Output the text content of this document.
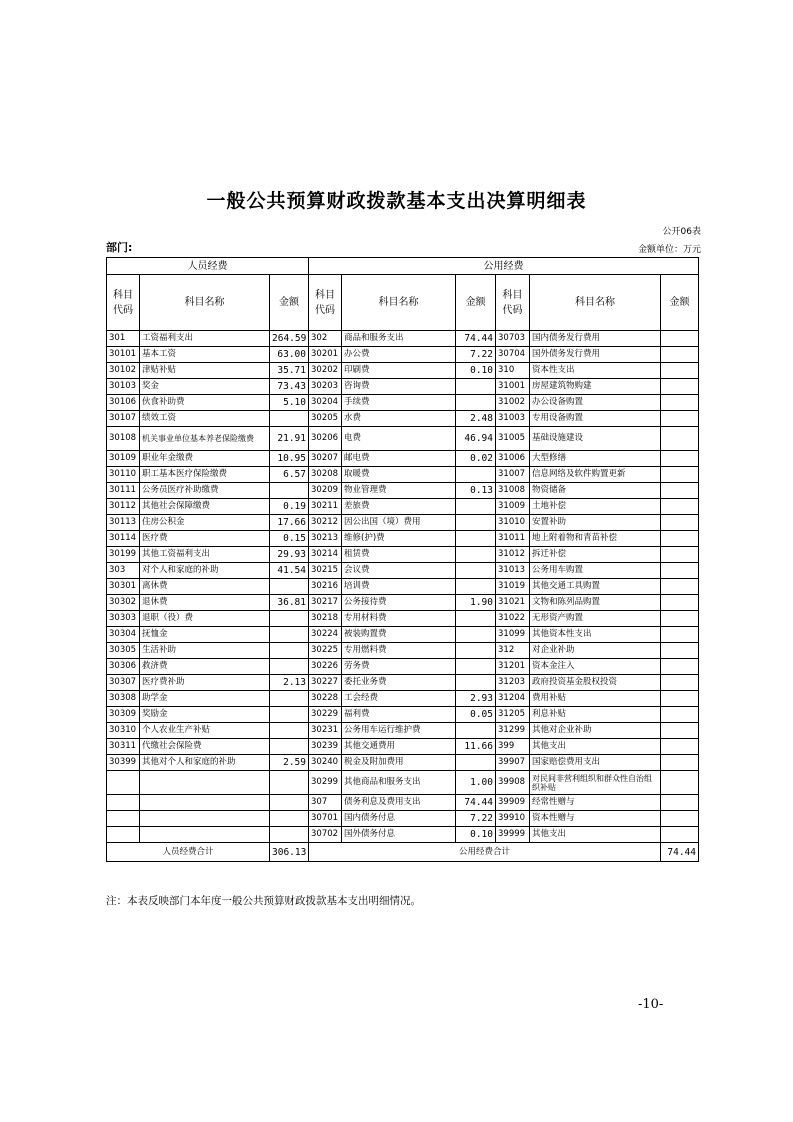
一般公共预算财政拨款基本支出决算明细表
公开06表
部门:	金额单位：万元
人员经费			公用经费					
科目
代码	科目名称	金额	科目
代码	科目名称	金额	科目
代码	科目名称	金额
301	工资福利支出	264.59	302	商品和服务支出	74.44	30703	国内债务发行费用	
30101	基本工资	63.00	30201	办公费	7.22	30704	国外债务发行费用	
30102	津贴补贴	35.71	30202	印刷费	0.10	310	资本性支出	
30103	奖金	73.43	30203	咨询费		31001	房屋建筑物购建	
30106	伙食补助费	5.10	30204	手续费		31002	办公设备购置	
30107	绩效工资		30205	水费	2.48	31003	专用设备购置	
30108	机关事业单位基本养老保险缴费	21.91	30206	电费	46.94	31005	基础设施建设	
30109	职业年金缴费	10.95	30207	邮电费	0.02	31006	大型修缮	
30110	职工基本医疗保险缴费	6.57	30208	取暖费		31007	信息网络及软件购置更新	
30111	公务员医疗补助缴费		30209	物业管理费	0.13	31008	物资储备	
30112	其他社会保障缴费	0.19	30211	差旅费		31009	土地补偿	
30113	住房公积金	17.66	30212	因公出国（境）费用		31010	安置补助	
30114	医疗费	0.15	30213	维修(护)费		31011	地上附着物和青苗补偿	
30199	其他工资福利支出	29.93	30214	租赁费		31012	拆迁补偿	
303	对个人和家庭的补助	41.54	30215	会议费		31013	公务用车购置	
30301	离休费		30216	培训费		31019	其他交通工具购置	
30302	退休费	36.81	30217	公务接待费	1.90	31021	文物和陈列品购置	
30303	退职（役）费		30218	专用材料费		31022	无形资产购置	
30304	抚恤金		30224	被装购置费		31099	其他资本性支出	
30305	生活补助		30225	专用燃料费		312	对企业补助	
30306	救济费		30226	劳务费		31201	资本金注入	
30307	医疗费补助	2.13	30227	委托业务费		31203	政府投资基金股权投资	
30308	助学金		30228	工会经费	2.93	31204	费用补贴	
30309	奖励金		30229	福利费	0.05	31205	利息补贴	
30310	个人农业生产补贴		30231	公务用车运行维护费		31299	其他对企业补助	
30311	代缴社会保险费		30239	其他交通费用	11.66	399	其他支出	
30399	其他对个人和家庭的补助	2.59	30240	税金及附加费用		39907	国家赔偿费用支出	
			30299	其他商品和服务支出	1.00	39908	对民间非营利组织和群众性自治组织补贴	
			307	债务利息及费用支出	74.44	39909	经常性赠与	
			30701	国内债务付息	7.22	39910	资本性赠与	
			30702	国外债务付息	0.10	39999	其他支出	
人员经费合计		306.13	公用经费合计					74.44
注：本表反映部门本年度一般公共预算财政拨款基本支出明细情况。
-10-
